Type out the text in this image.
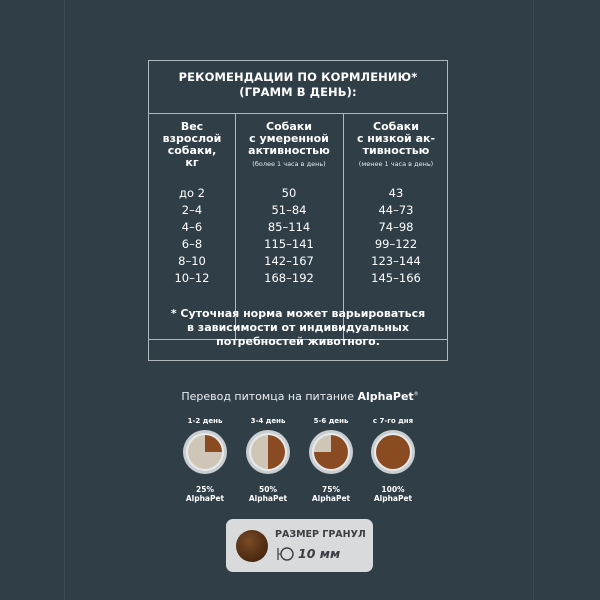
РЕКОМЕНДАЦИИ ПО КОРМЛЕНИЮ*
(ГРАММ В ДЕНЬ):
Вес
взрослой
собаки,
кг
Собаки
с умеренной
активностью
(более 1 часа в день)
Собаки
с низкой ак-
тивностью
(менее 1 часа в день)
до 2
2–4
4–6
6–8
8–10
10–12
50
51–84
85–114
115–141
142–167
168–192
43
44–73
74–98
99–122
123–144
145–166
* Суточная норма может варьироваться
в зависимости от индивидуальных
потребностей животного.
Перевод питомца на питание AlphaPet®
1-2 день
25%
AlphaPet
3-4 день
50%
AlphaPet
5-6 день
75%
AlphaPet
с 7-го дня
100%
AlphaPet
РАЗМЕР ГРАНУЛ
10 мм
